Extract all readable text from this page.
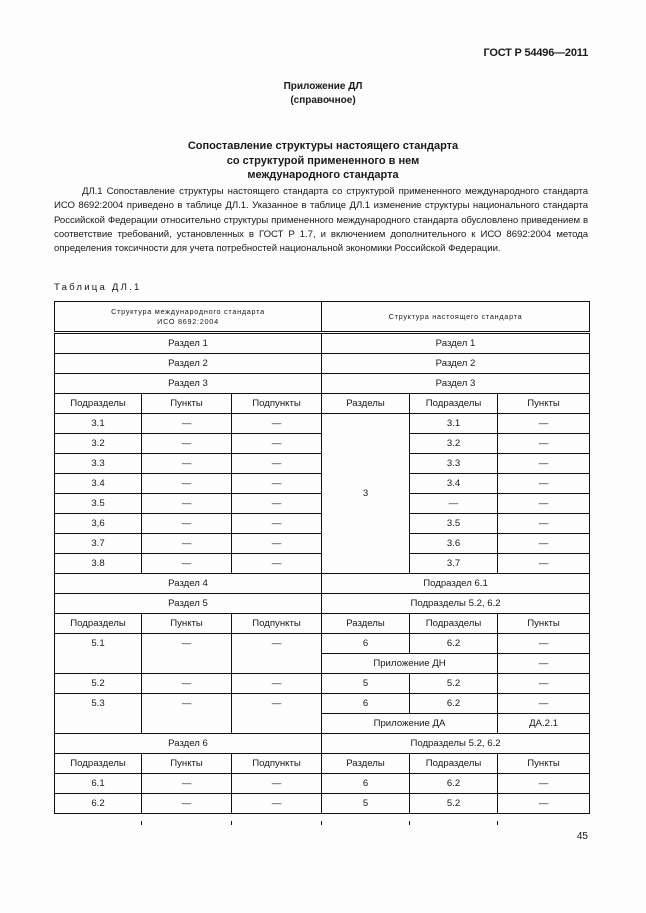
ГОСТ Р 54496—2011
Приложение ДЛ
(справочное)
Сопоставление структуры настоящего стандарта
со структурой примененного в нем
международного стандарта
ДЛ.1 Сопоставление структуры настоящего стандарта со структурой примененного международного стандарта ИСО 8692:2004 приведено в таблице ДЛ.1. Указанное в таблице ДЛ.1 изменение структуры национального стандарта Российской Федерации относительно структуры примененного международного стандарта обусловлено приведением в соответствие требований, установленных в ГОСТ Р 1.7, и включением дополнительного к ИСО 8692:2004 метода определения токсичности для учета потребностей национальной экономики Российской Федерации.
Таблица ДЛ.1
Структура международного стандарта
ИСО 8692:2004			Структура настоящего стандарта		
Раздел 1			Раздел 1		
Раздел 2			Раздел 2		
Раздел 3			Раздел 3		
Подразделы	Пункты	Подпункты	Разделы	Подразделы	Пункты
3.1	—	—	3	3.1	—
3.2	—	—		3.2	—
3.3	—	—		3.3	—
3.4	—	—		3.4	—
3.5	—	—		—	—
3,6	—	—		3.5	—
3.7	—	—		3.6	—
3.8	—	—		3.7	—
Раздел 4			Подраздел 6.1		
Раздел 5			Подразделы 5.2, 6.2		
Подразделы	Пункты	Подпункты	Разделы	Подразделы	Пункты
5.1	—	—	6	6.2	—
			Приложение ДН		—
5.2	—	—	5	5.2	—
5.3	—	—	6	6.2	—
			Приложение ДА		ДА.2.1
Раздел 6			Подразделы 5.2, 6.2		
Подразделы	Пункты	Подпункты	Разделы	Подразделы	Пункты
6.1	—	—	6	6.2	—
6.2	—	—	5	5.2	—
45
